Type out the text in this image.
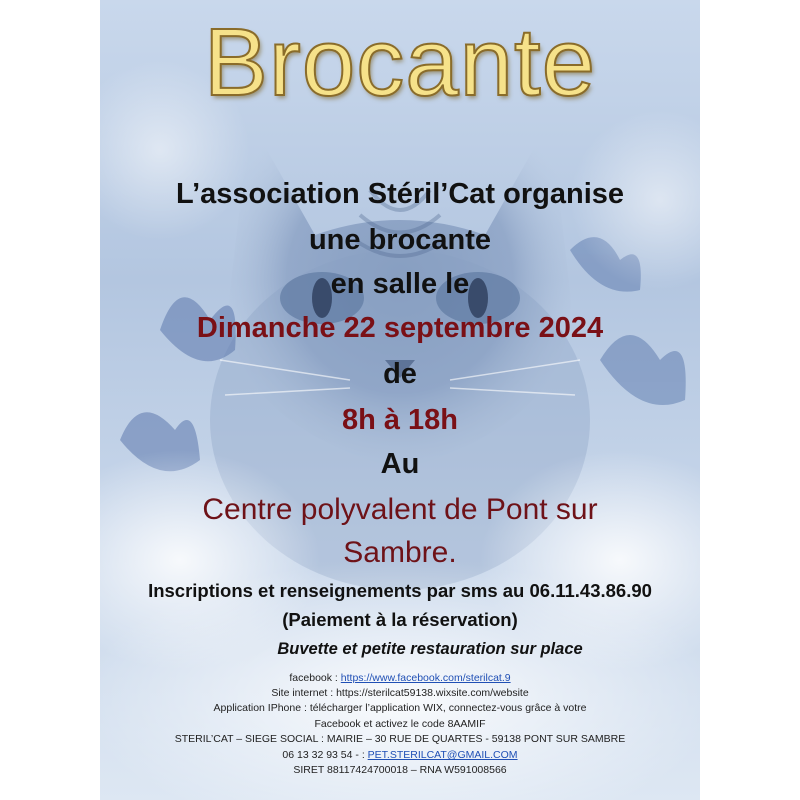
Brocante
L’association Stéril’Cat organise
une brocante
en salle le
Dimanche 22 septembre 2024
de
8h à 18h
Au
Centre polyvalent de Pont sur
Sambre.
Inscriptions et renseignements par sms au 06.11.43.86.90
(Paiement à la réservation)
Buvette et petite restauration sur place
facebook : https://www.facebook.com/sterilcat.9
Site internet : https://sterilcat59138.wixsite.com/website
Application IPhone : télécharger l’application WIX, connectez-vous grâce à votre
Facebook et activez le code 8AAMIF
STERIL’CAT – SIEGE SOCIAL : MAIRIE – 30 RUE DE QUARTES - 59138 PONT SUR SAMBRE
06 13 32 93 54 - : PET.STERILCAT@GMAIL.COM
SIRET 88117424700018 – RNA W591008566
